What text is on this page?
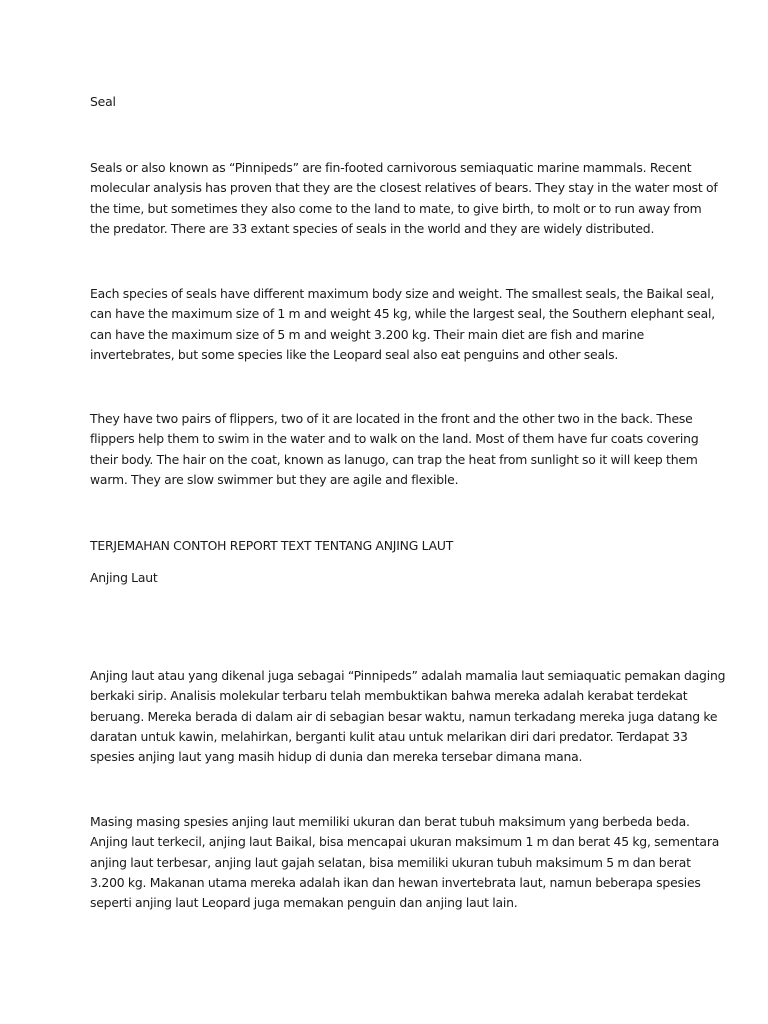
Seal

Seals or also known as “Pinnipeds” are fin-footed carnivorous semiaquatic marine mammals. Recent
molecular analysis has proven that they are the closest relatives of bears. They stay in the water most of
the time, but sometimes they also come to the land to mate, to give birth, to molt or to run away from
the predator. There are 33 extant species of seals in the world and they are widely distributed.

Each species of seals have different maximum body size and weight. The smallest seals, the Baikal seal,
can have the maximum size of 1 m and weight 45 kg, while the largest seal, the Southern elephant seal,
can have the maximum size of 5 m and weight 3.200 kg. Their main diet are fish and marine
invertebrates, but some species like the Leopard seal also eat penguins and other seals.

They have two pairs of flippers, two of it are located in the front and the other two in the back. These
flippers help them to swim in the water and to walk on the land. Most of them have fur coats covering
their body. The hair on the coat, known as lanugo, can trap the heat from sunlight so it will keep them
warm. They are slow swimmer but they are agile and flexible.

TERJEMAHAN CONTOH REPORT TEXT TENTANG ANJING LAUT

Anjing Laut

Anjing laut atau yang dikenal juga sebagai “Pinnipeds” adalah mamalia laut semiaquatic pemakan daging
berkaki sirip. Analisis molekular terbaru telah membuktikan bahwa mereka adalah kerabat terdekat
beruang. Mereka berada di dalam air di sebagian besar waktu, namun terkadang mereka juga datang ke
daratan untuk kawin, melahirkan, berganti kulit atau untuk melarikan diri dari predator. Terdapat 33
spesies anjing laut yang masih hidup di dunia dan mereka tersebar dimana mana.

Masing masing spesies anjing laut memiliki ukuran dan berat tubuh maksimum yang berbeda beda.
Anjing laut terkecil, anjing laut Baikal, bisa mencapai ukuran maksimum 1 m dan berat 45 kg, sementara
anjing laut terbesar, anjing laut gajah selatan, bisa memiliki ukuran tubuh maksimum 5 m dan berat
3.200 kg. Makanan utama mereka adalah ikan dan hewan invertebrata laut, namun beberapa spesies
seperti anjing laut Leopard juga memakan penguin dan anjing laut lain.
